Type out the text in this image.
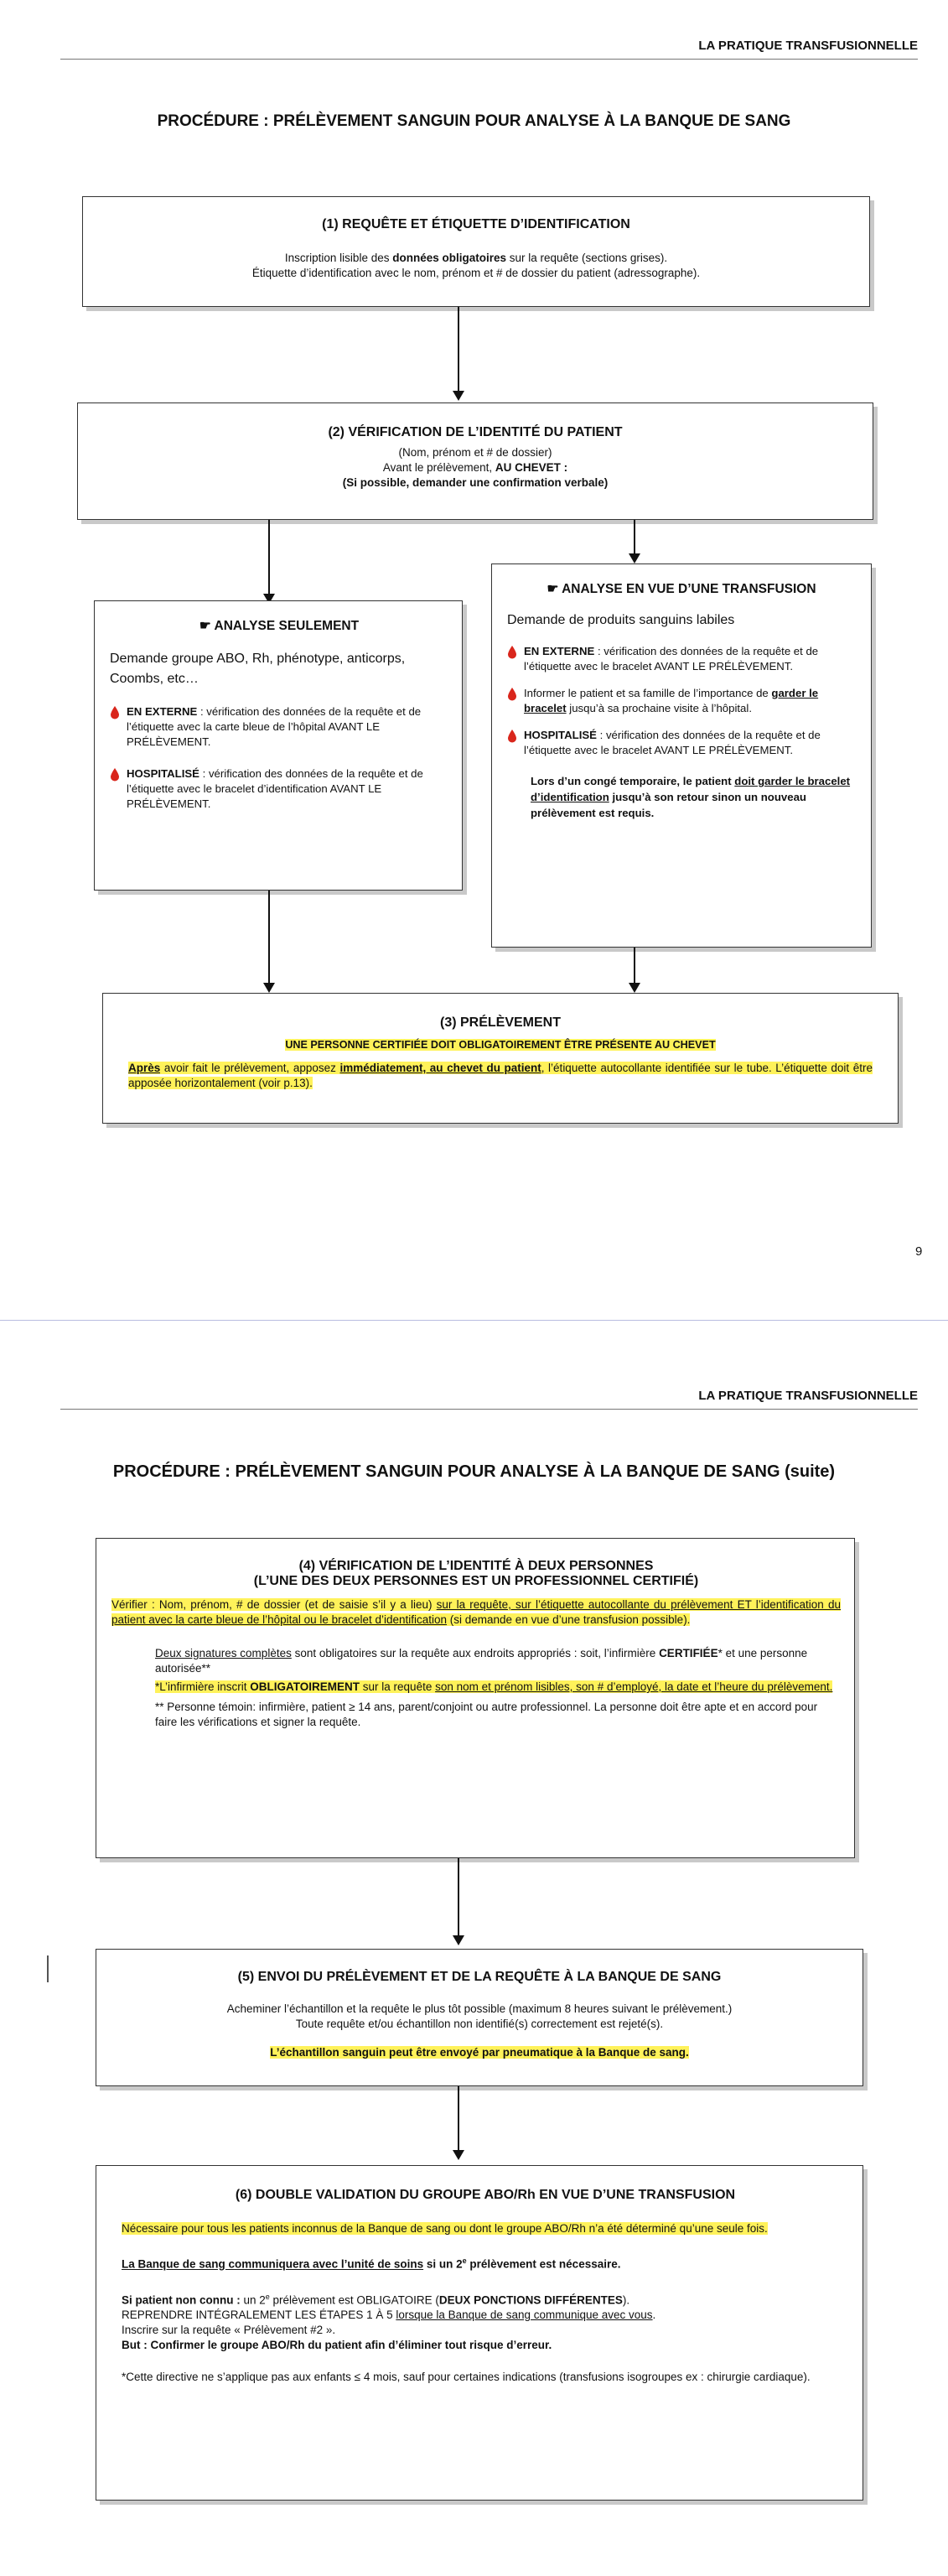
LA PRATIQUE TRANSFUSIONNELLE
PROCÉDURE : PRÉLÈVEMENT SANGUIN POUR ANALYSE À LA BANQUE DE SANG
(1) REQUÊTE ET ÉTIQUETTE D’IDENTIFICATION
Inscription lisible des données obligatoires sur la requête (sections grises).
Étiquette d’identification avec le nom, prénom et # de dossier du patient (adressographe).
(2) VÉRIFICATION DE L’IDENTITÉ DU PATIENT
(Nom, prénom et # de dossier)
Avant le prélèvement, AU CHEVET :
(Si possible, demander une confirmation verbale)
☛ ANALYSE SEULEMENT
Demande groupe ABO, Rh, phénotype, anticorps, Coombs, etc…
EN EXTERNE : vérification des données de la requête et de l’étiquette avec la carte bleue de l’hôpital AVANT LE PRÉLÈVEMENT.
HOSPITALISÉ : vérification des données de la requête et de l’étiquette avec le bracelet d’identification AVANT LE PRÉLÈVEMENT.
☛ ANALYSE EN VUE D’UNE TRANSFUSION
Demande de produits sanguins labiles
EN EXTERNE : vérification des données de la requête et de l’étiquette avec le bracelet AVANT LE PRÉLÈVEMENT.
Informer le patient et sa famille de l’importance de garder le bracelet jusqu’à sa prochaine visite à l’hôpital.
HOSPITALISÉ : vérification des données de la requête et de l’étiquette avec le bracelet AVANT LE PRÉLÈVEMENT.
Lors d’un congé temporaire, le patient doit garder le bracelet d’identification jusqu’à son retour sinon un nouveau prélèvement est requis.
(3) PRÉLÈVEMENT
UNE PERSONNE CERTIFIÉE DOIT OBLIGATOIREMENT ÊTRE PRÉSENTE AU CHEVET
Après avoir fait le prélèvement, apposez immédiatement, au chevet du patient, l’étiquette autocollante identifiée sur le tube. L’étiquette doit être apposée horizontalement (voir p.13).
9
LA PRATIQUE TRANSFUSIONNELLE
PROCÉDURE : PRÉLÈVEMENT SANGUIN POUR ANALYSE À LA BANQUE DE SANG (suite)
(4) VÉRIFICATION DE L’IDENTITÉ À DEUX PERSONNES
(L’UNE DES DEUX PERSONNES EST UN PROFESSIONNEL CERTIFIÉ)
Vérifier : Nom, prénom, # de dossier (et de saisie s’il y a lieu) sur la requête, sur l’étiquette autocollante du prélèvement ET l’identification du patient avec la carte bleue de l’hôpital ou le bracelet d’identification (si demande en vue d’une transfusion possible).
Deux signatures complètes sont obligatoires sur la requête aux endroits appropriés : soit, l’infirmière CERTIFIÉE* et une personne autorisée**
*L’infirmière inscrit OBLIGATOIREMENT sur la requête son nom et prénom lisibles, son # d’employé, la date et l’heure du prélèvement.
** Personne témoin: infirmière, patient ≥ 14 ans, parent/conjoint ou autre professionnel. La personne doit être apte et en accord pour faire les vérifications et signer la requête.
(5) ENVOI DU PRÉLÈVEMENT ET DE LA REQUÊTE À LA BANQUE DE SANG
Acheminer l’échantillon et la requête le plus tôt possible (maximum 8 heures suivant le prélèvement.)
Toute requête et/ou échantillon non identifié(s) correctement est rejeté(s).
L’échantillon sanguin peut être envoyé par pneumatique à la Banque de sang.
(6) DOUBLE VALIDATION DU GROUPE ABO/Rh EN VUE D’UNE TRANSFUSION
Nécessaire pour tous les patients inconnus de la Banque de sang ou dont le groupe ABO/Rh n’a été déterminé qu’une seule fois.
La Banque de sang communiquera avec l’unité de soins si un 2e prélèvement est nécessaire.
Si patient non connu : un 2e prélèvement est OBLIGATOIRE (DEUX PONCTIONS DIFFÉRENTES).
REPRENDRE INTÉGRALEMENT LES ÉTAPES 1 À 5 lorsque la Banque de sang communique avec vous.
Inscrire sur la requête « Prélèvement #2 ».
But : Confirmer le groupe ABO/Rh du patient afin d’éliminer tout risque d’erreur.
*Cette directive ne s’applique pas aux enfants ≤ 4 mois, sauf pour certaines indications (transfusions isogroupes ex : chirurgie cardiaque).
